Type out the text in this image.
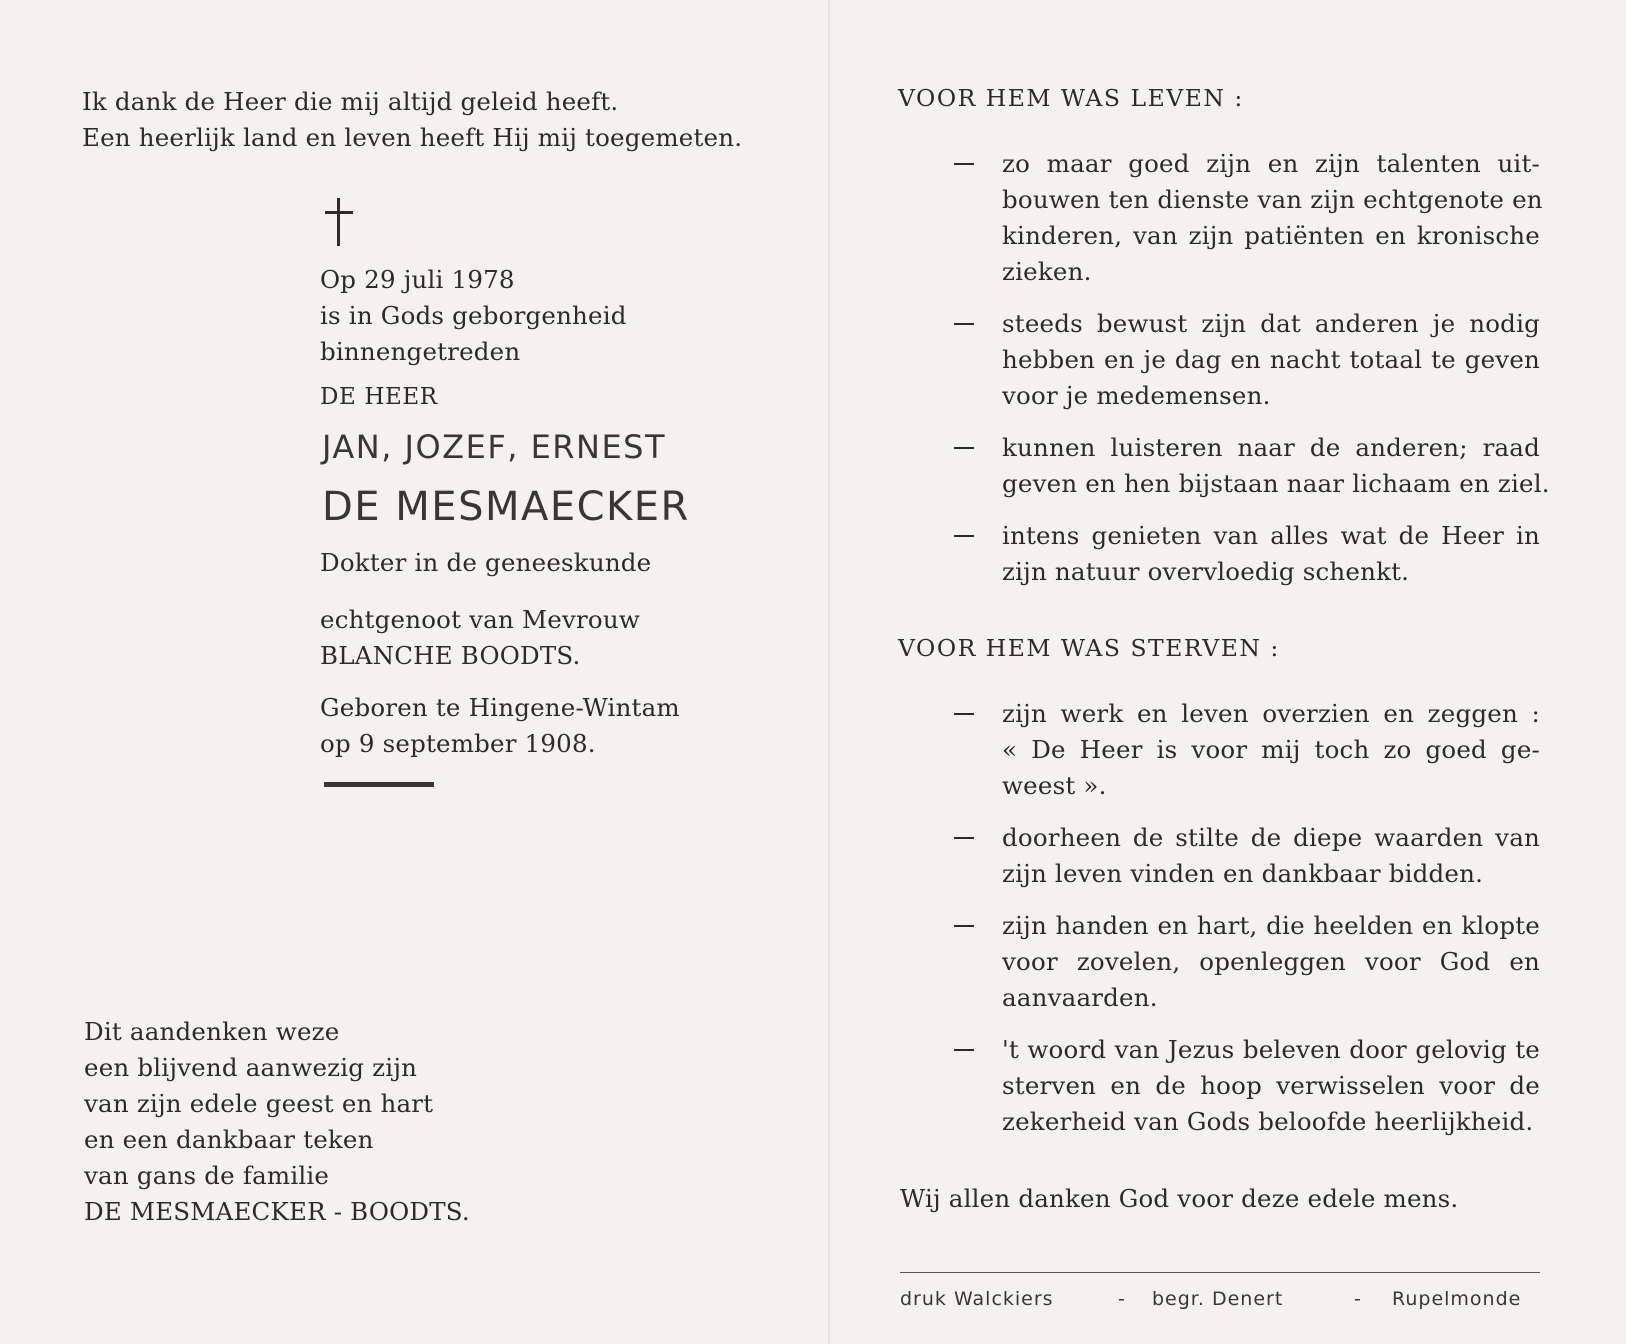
Ik dank de Heer die mij altijd geleid heeft.
Een heerlijk land en leven heeft Hij mij toegemeten.
Op 29 juli 1978
is in Gods geborgenheid
binnengetreden
DE HEER
JAN, JOZEF, ERNEST
DE MESMAECKER
Dokter in de geneeskunde
echtgenoot van Mevrouw
BLANCHE BOODTS.
Geboren te Hingene-Wintam
op 9 september 1908.
Dit aandenken weze
een blijvend aanwezig zijn
van zijn edele geest en hart
en een dankbaar teken
van gans de familie
DE MESMAECKER - BOODTS.
VOOR HEM WAS LEVEN :
zo maar goed zijn en zijn talenten uit-
bouwen ten dienste van zijn echtgenote en
kinderen, van zijn patiënten en kronische
zieken.
steeds bewust zijn dat anderen je nodig
hebben en je dag en nacht totaal te geven
voor je medemensen.
kunnen luisteren naar de anderen; raad
geven en hen bijstaan naar lichaam en ziel.
intens genieten van alles wat de Heer in
zijn natuur overvloedig schenkt.
VOOR HEM WAS STERVEN :
zijn werk en leven overzien en zeggen :
« De Heer is voor mij toch zo goed ge-
weest ».
doorheen de stilte de diepe waarden van
zijn leven vinden en dankbaar bidden.
zijn handen en hart, die heelden en klopte
voor zovelen, openleggen voor God en
aanvaarden.
't woord van Jezus beleven door gelovig te
sterven en de hoop verwisselen voor de
zekerheid van Gods beloofde heerlijkheid.
Wij allen danken God voor deze edele mens.
druk Walckiers	- begr. Denert	- Rupelmonde
